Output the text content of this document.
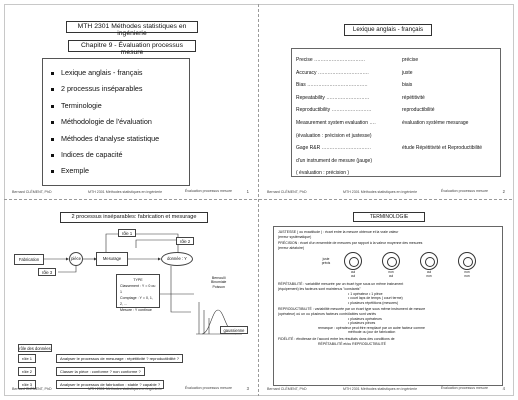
MTH 2301 Méthodes statistiques en ingénierie
Chapitre 9 - Évaluation processus mesure
Lexique anglais - français
2 processus inséparables
Terminologie
Méthodologie de l'évaluation
Méthodes d'analyse statistique
Indices de capacité
Exemple
Bernard CLÉMENT, PhD	MTH 2301 Méthodes statistiques en ingénierie	Évaluation processus mesure	1
Lexique anglais - français
Precise ................................	précise
Accuracy ................................	juste
Bias ......................................	biais
Repeatability ...........................	répétitivité
Reproductibility .........................	reproductibilité
Measurement system evaluation ....	évaluation système mesurage
(évaluation : précision et justesse)
Gage R&R ...............................	étude Répétitivité et Reproductibilité
d'un instrument de mesure (jauge)
( évaluation : précision )
Bernard CLÉMENT, PhD	MTH 2301 Méthodes statistiques en ingénierie	Évaluation processus mesure	2
2 processus inséparables: fabrication et mesurage
Fabrication	pièce	Mesurage	donnée : Y
rôle 1
rôle 2
rôle 3
TYPE
Classement : Y = 0 ou 1
Comptage : Y = 0, 1, 2, ...
Mesure : Y continue
Bernoulli
Binomiale
Poisson
gaussienne
rôle des données
rôle 1	Analyser le processus de mesurage : répétitivité ? reproductibilité ?
rôle 2	Classer la pièce : conforme ? non conforme ?
rôle 3	Analyser le processus de fabrication : stable ? capable ?
Bernard CLÉMENT, PhD	MTH 2301 Méthodes statistiques en ingénierie	Évaluation processus mesure	3
TERMINOLOGIE
JUSTESSE ( ou exactitude ) : écart entre la mesure obtenue et la vraie valeur
(erreur systématique)
PRÉCISION : écart d'un ensemble de mesures par rapport à la valeur moyenne des mesures
(erreur aléatoire)
juste
précis
oui
oui
non
oui
oui
non
non
non
RÉPÉTABILITÉ : variabilité mesurée par un écart type sous un même instrument
(équipement) les facteurs sont maintenus "constants"
• 1 opérateur • 1 pièce
• court laps de temps ( court terme)
• plusieurs répétitions (mesures)
REPRODUCTIBILITÉ : variabilité mesurée par un écart type sous même instrument de mesure
(opérateur) où un ou plusieurs facteurs contrôlables sont variés
• plusieurs opérateurs
• plusieurs pièces
remarque : opérateur peut être remplacé par un autre facteur comme
méthode ou jour de fabrication
FIDÉLITÉ : étroitesse de l'accord entre les résultats dans des conditions de
RÉPÉTABILITÉ et/ou REPRODUCTIBILITÉ
Bernard CLÉMENT, PhD	MTH 2301 Méthodes statistiques en ingénierie	Évaluation processus mesure	4
